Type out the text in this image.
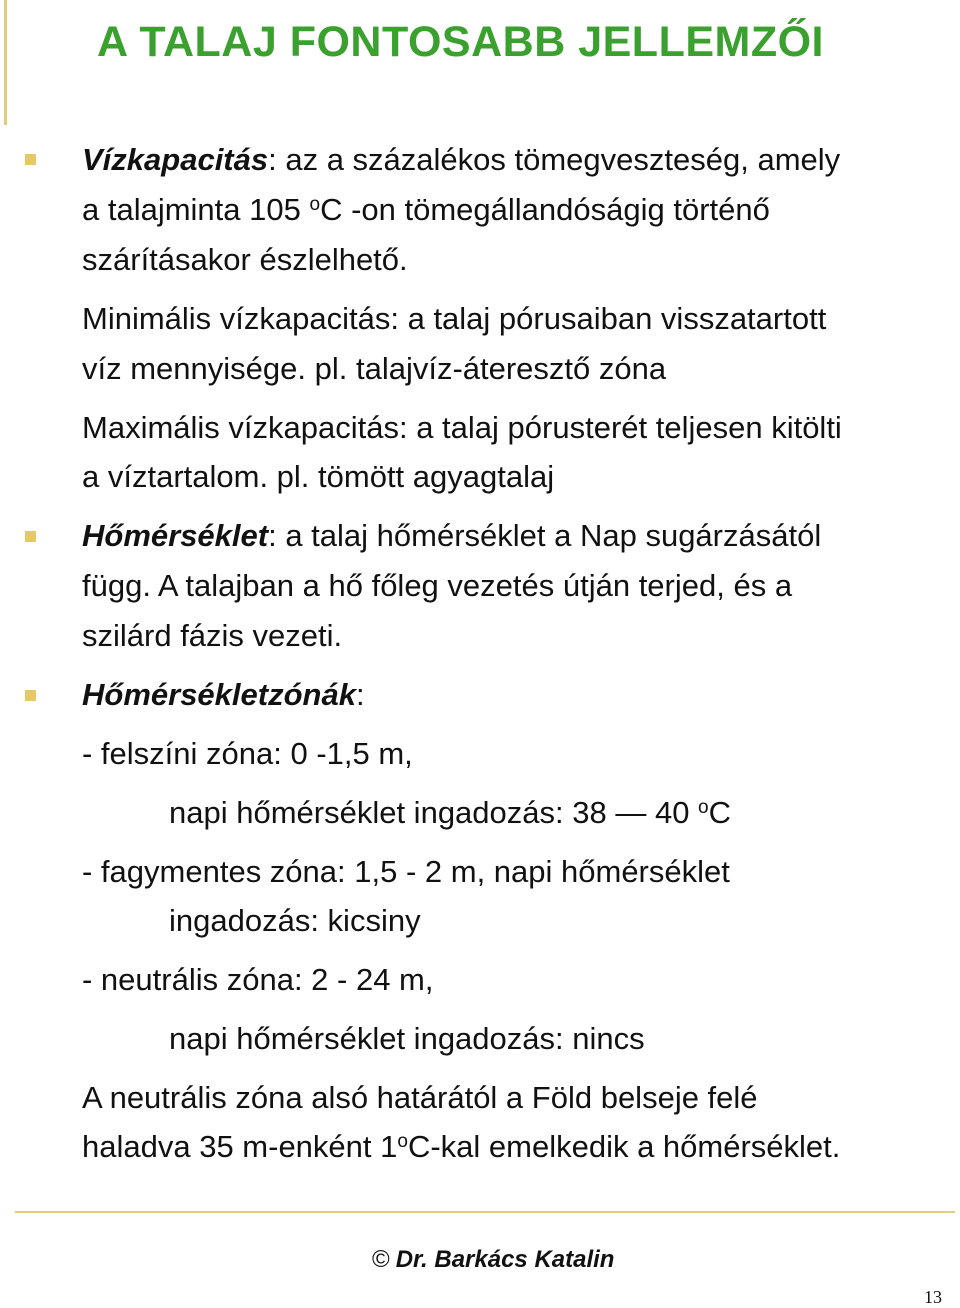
A TALAJ FONTOSABB JELLEMZŐI

Vízkapacitás: az a százalékos tömegveszteség, amely

a talajminta 105 $^o$C -on tömegállandóságig történő

szárításakor észlelhető.

Minimális vízkapacitás: a talaj pórusaiban visszatartott

víz mennyisége. pl. talajvíz-áteresztő zóna

Maximális vízkapacitás: a talaj pórusterét teljesen kitölti

a víztartalom. pl. tömött agyagtalaj

Hőmérséklet: a talaj hőmérséklet a Nap sugárzásától

függ. A talajban a hő főleg vezetés útján terjed, és a

szilárd fázis vezeti.

Hőmérsékletzónák:

- felszíni zóna: 0 -1,5 m,

napi hőmérséklet ingadozás: 38 — 40 $^o$C

- fagymentes zóna: 1,5 - 2 m, napi hőmérséklet

ingadozás: kicsiny

- neutrális zóna: 2 - 24 m,

napi hőmérséklet ingadozás: nincs

A neutrális zóna alsó határától a Föld belseje felé

haladva 35 m-enként 1$^o$C-kal emelkedik a hőmérséklet.

© Dr. Barkács Katalin
13
